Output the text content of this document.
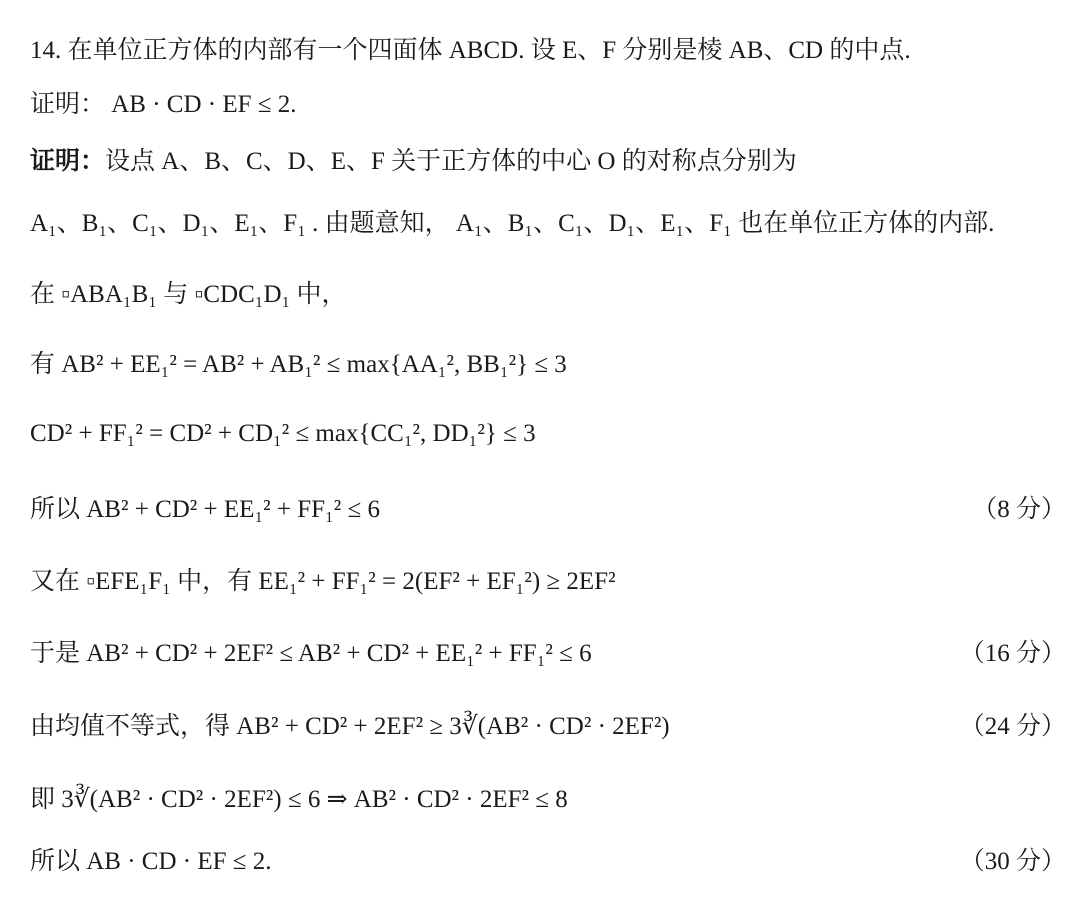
14. 在单位正方体的内部有一个四面体 ABCD. 设 E、F 分别是棱 AB、CD 的中点.
证明： AB · CD · EF ≤ 2.
证明： 设点 A、B、C、D、E、F 关于正方体的中心 O 的对称点分别为
A₁、B₁、C₁、D₁、E₁、F₁ . 由题意知， A₁、B₁、C₁、D₁、E₁、F₁ 也在单位正方体的内部.
在 ▫ABA₁B₁ 与 ▫CDC₁D₁ 中，
有 AB² + EE₁² = AB² + AB₁² ≤ max{AA₁², BB₁²} ≤ 3
CD² + FF₁² = CD² + CD₁² ≤ max{CC₁², DD₁²} ≤ 3
所以 AB² + CD² + EE₁² + FF₁² ≤ 6	（8 分）
又在 ▫EFE₁F₁ 中，有 EE₁² + FF₁² = 2(EF² + EF₁²) ≥ 2EF²
于是 AB² + CD² + 2EF² ≤ AB² + CD² + EE₁² + FF₁² ≤ 6	（16 分）
由均值不等式，得 AB² + CD² + 2EF² ≥ 3∛(AB² · CD² · 2EF²)	（24 分）
即 3∛(AB² · CD² · 2EF²) ≤ 6 ⇒ AB² · CD² · 2EF² ≤ 8
所以 AB · CD · EF ≤ 2.	（30 分）
